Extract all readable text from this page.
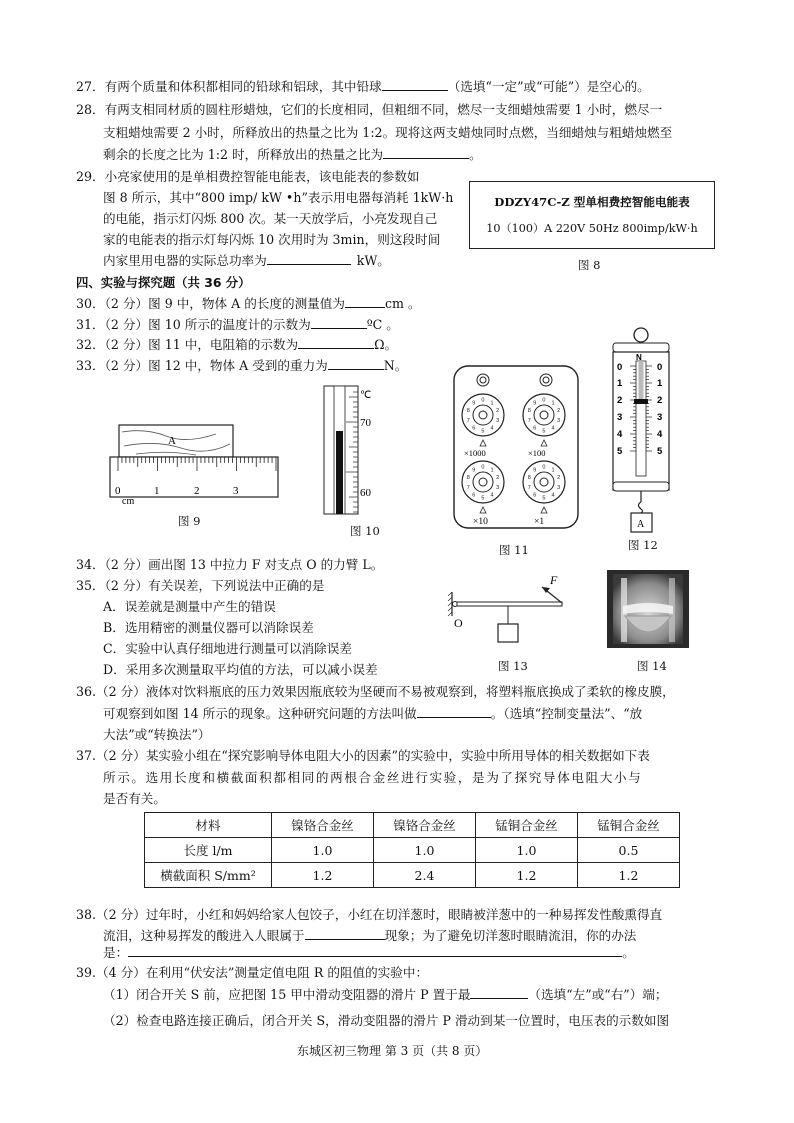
27．有两个质量和体积都相同的铅球和铝球，其中铅球	（选填“一定”或“可能”）是空心的。
28．有两支相同材质的圆柱形蜡烛，它们的长度相同，但粗细不同，燃尽一支细蜡烛需要 1 小时，燃尽一
支粗蜡烛需要 2 小时，所释放出的热量之比为 1:2。现将这两支蜡烛同时点燃，当细蜡烛与粗蜡烛燃至
剩余的长度之比为 1:2 时，所释放出的热量之比为	。
29．小亮家使用的是单相费控智能电能表，该电能表的参数如
图 8 所示，其中“800 imp/ kW •h”表示用电器每消耗 1kW·h
的电能，指示灯闪烁 800 次。某一天放学后，小亮发现自己
家的电能表的指示灯每闪烁 10 次用时为 3min，则这段时间
内家里用电器的实际总功率为	kW。
DDZY47C-Z 型单相费控智能电能表
10（100）A 220V 50Hz 800imp/kW·h
图 8
四、实验与探究题（共 36 分）
30．（2 分）图 9 中，物体 A 的长度的测量值为	cm 。
31．（2 分）图 10 所示的温度计的示数为	ºC 。
32．（2 分）图 11 中，电阻箱的示数为	Ω。
33．（2 分）图 12 中，物体 A 受到的重力为	N。
A
0	1	2	3
cm
图 9
℃
70
60
图 10
0 1
2
3
4
5
6
7
8
9	0 1
2
3
4
5
6
7
8
9
0 1
2
3
4
5
6
7
8
9	0 1
2
3
4
5
6
7
8
9
×1000	×100
×10	×1
图 11
N
0	0
1	1
2	2
3	3
4	4
5	5
A
图 12
34．（2 分）画出图 13 中拉力 F 对支点 O 的力臂 L。
35．（2 分）有关误差，下列说法中正确的是
A．误差就是测量中产生的错误
B．选用精密的测量仪器可以消除误差
C．实验中认真仔细地进行测量可以消除误差
D．采用多次测量取平均值的方法，可以减小误差
F
O
图 13	图 14
36.（2 分）液体对饮料瓶底的压力效果因瓶底较为坚硬而不易被观察到，将塑料瓶底换成了柔软的橡皮膜，
可观察到如图 14 所示的现象。这种研究问题的方法叫做	。（选填“控制变量法”、“放
大法”或“转换法”）
37.（2 分）某实验小组在“探究影响导体电阻大小的因素”的实验中，实验中所用导体的相关数据如下表
所示。选用长度和横截面积都相同的两根合金丝进行实验，是为了探究导体电阻大小与
是否有关。
材料	镍铬合金丝	镍铬合金丝	锰铜合金丝	锰铜合金丝
长度 l/m	1.0	1.0	1.0	0.5
横截面积 S/mm²	1.2	2.4	1.2	1.2
38.（2 分）过年时，小红和妈妈给家人包饺子，小红在切洋葱时，眼睛被洋葱中的一种易挥发性酸熏得直
流泪，这种易挥发的酸进入人眼属于	现象；为了避免切洋葱时眼睛流泪，你的办法
是：	。
39.（4 分）在利用“伏安法”测量定值电阻 R 的阻值的实验中：
（1）闭合开关 S 前，应把图 15 甲中滑动变阻器的滑片 P 置于最	（选填“左”或“右”）端；
（2）检查电路连接正确后，闭合开关 S，滑动变阻器的滑片 P 滑动到某一位置时，电压表的示数如图
东城区初三物理 第 3 页（共 8 页）
